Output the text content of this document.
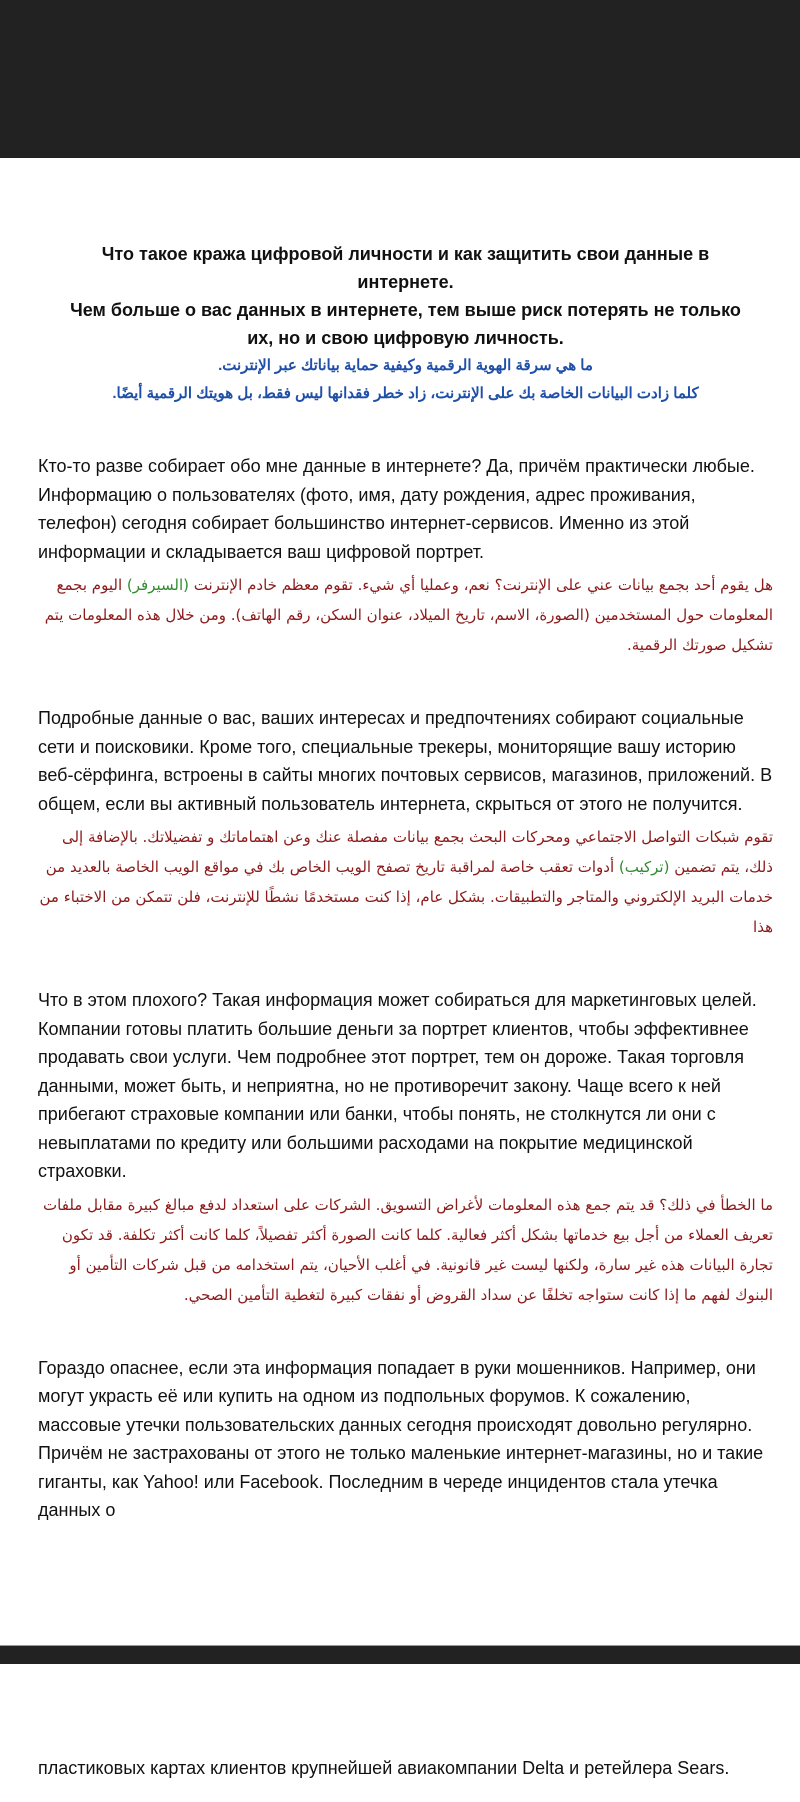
Что такое кража цифровой личности и как защитить свои данные в интернете.
Чем больше о вас данных в интернете, тем выше риск потерять не только их, но и свою цифровую личность.
ما هي سرقة الهوية الرقمية وكيفية حماية بياناتك عبر الإنترنت.
كلما زادت البيانات الخاصة بك على الإنترنت، زاد خطر فقدانها ليس فقط، بل هويتك الرقمية أيضًا.
Кто-то разве собирает обо мне данные в интернете? Да, причём практически любые. Информацию о пользователях (фото, имя, дату рождения, адрес проживания, телефон) сегодня собирает большинство интернет-сервисов. Именно из этой информации и складывается ваш цифровой портрет.
هل يقوم أحد بجمع بيانات عني على الإنترنت؟ نعم، وعمليا أي شيء. تقوم معظم خادم الإنترنت (السيرفر) اليوم بجمع المعلومات حول المستخدمين (الصورة، الاسم، تاريخ الميلاد، عنوان السكن، رقم الهاتف). ومن خلال هذه المعلومات يتم تشكيل صورتك الرقمية.
Подробные данные о вас, ваших интересах и предпочтениях собирают социальные сети и поисковики. Кроме того, специальные трекеры, мониторящие вашу историю веб-сёрфинга, встроены в сайты многих почтовых сервисов, магазинов, приложений. В общем, если вы активный пользователь интернета, скрыться от этого не получится.
تقوم شبكات التواصل الاجتماعي ومحركات البحث بجمع بيانات مفصلة عنك وعن اهتماماتك و تفضيلاتك. بالإضافة إلى ذلك، يتم تضمين (تركيب) أدوات تعقب خاصة لمراقبة تاريخ تصفح الويب الخاص بك في مواقع الويب الخاصة بالعديد من خدمات البريد الإلكتروني والمتاجر والتطبيقات. بشكل عام، إذا كنت مستخدمًا نشطًا للإنترنت، فلن تتمكن من الاختباء من هذا
Что в этом плохого? Такая информация может собираться для маркетинговых целей. Компании готовы платить большие деньги за портрет клиентов, чтобы эффективнее продавать свои услуги. Чем подробнее этот портрет, тем он дороже. Такая торговля данными, может быть, и неприятна, но не противоречит закону. Чаще всего к ней прибегают страховые компании или банки, чтобы понять, не столкнутся ли они с невыплатами по кредиту или большими расходами на покрытие медицинской страховки.
ما الخطأ في ذلك؟ قد يتم جمع هذه المعلومات لأغراض التسويق. الشركات على استعداد لدفع مبالغ كبيرة مقابل ملفات تعريف العملاء من أجل بيع خدماتها بشكل أكثر فعالية. كلما كانت الصورة أكثر تفصيلاً، كلما كانت أكثر تكلفة. قد تكون تجارة البيانات هذه غير سارة، ولكنها ليست غير قانونية. في أغلب الأحيان، يتم استخدامه من قبل شركات التأمين أو البنوك لفهم ما إذا كانت ستواجه تخلفًا عن سداد القروض أو نفقات كبيرة لتغطية التأمين الصحي.
Гораздо опаснее, если эта информация попадает в руки мошенников. Например, они могут украсть её или купить на одном из подпольных форумов. К сожалению, массовые утечки пользовательских данных сегодня происходят довольно регулярно. Причём не застрахованы от этого не только маленькие интернет-магазины, но и такие гиганты, как Yahoo! или Facebook. Последним в череде инцидентов стала утечка данных о
пластиковых картах клиентов крупнейшей авиакомпании Delta и ретейлера Sears.
